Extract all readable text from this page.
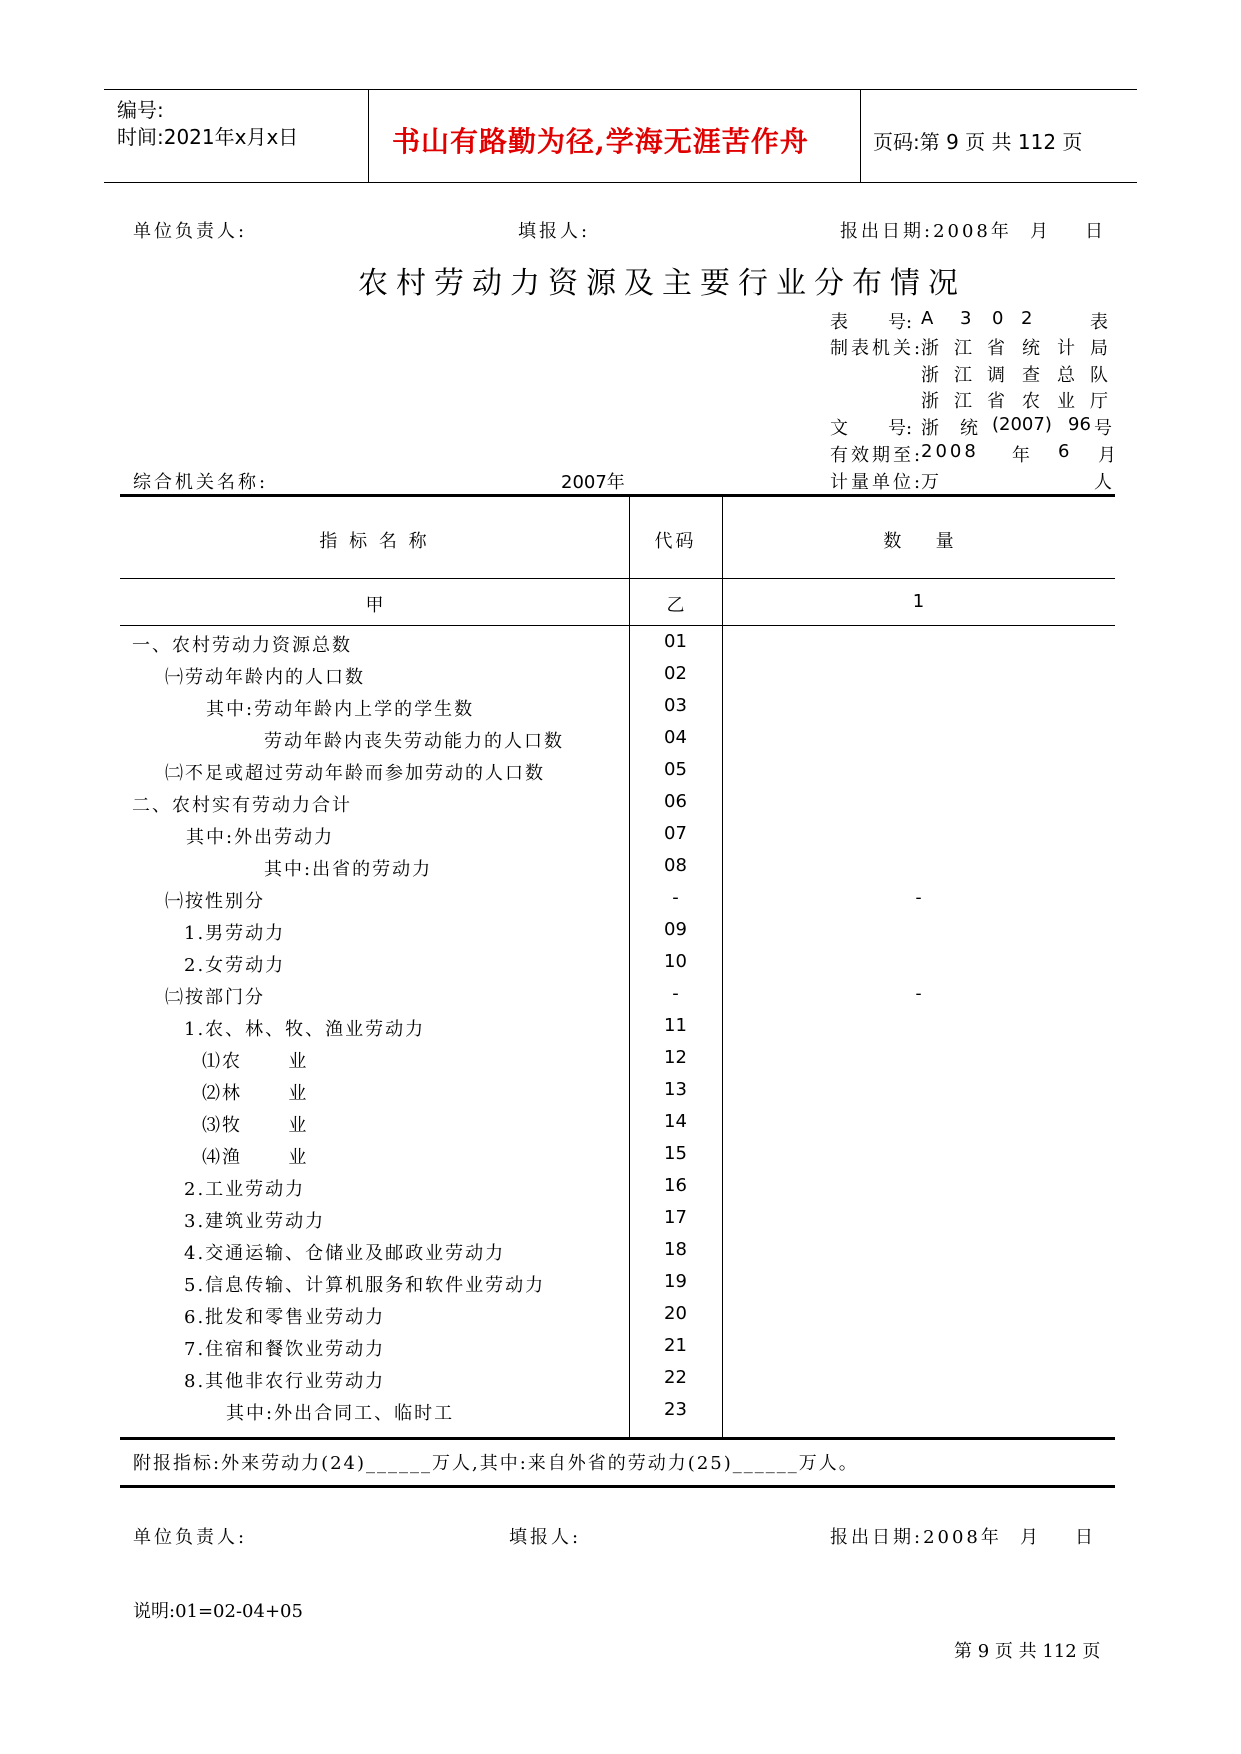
编号:
时间:2021年x月x日	书山有路勤为径,学海无涯苦作舟	页码:第 9 页 共 112 页
单位负责人:	填报人:	报出日期:2008年 月 日
农村劳动力资源及主要行业分布情况
表 号: A 3 0 2	表
制表机关:
浙 江 省 统 计 局
浙 江 调 查 总 队
浙 江 省 农 业 厅
文 号: 浙 统 (2007) 96 号
有效期至:
2008 年 6 月
综合机关名称:	2007年	计量单位:
万	人
指 标 名 称	代码	数      量
甲	乙	1
一、农村劳动力资源总数	01
㈠劳动年龄内的人口数	02
其中:劳动年龄内上学的学生数	03
劳动年龄内丧失劳动能力的人口数	04
㈡不足或超过劳动年龄而参加劳动的人口数	05
二、农村实有劳动力合计	06
其中:外出劳动力	07
其中:出省的劳动力	08
㈠按性别分	-	-
1.男劳动力	09
2.女劳动力	10
㈡按部门分	-	-
1.农、林、牧、渔业劳动力	11
⑴农      业	12
⑵林      业	13
⑶牧      业	14
⑷渔      业	15
2.工业劳动力	16
3.建筑业劳动力	17
4.交通运输、仓储业及邮政业劳动力	18
5.信息传输、计算机服务和软件业劳动力	19
6.批发和零售业劳动力	20
7.住宿和餐饮业劳动力	21
8.其他非农行业劳动力	22
其中:外出合同工、临时工	23
附报指标:外来劳动力(24)______万人,其中:来自外省的劳动力(25)______万人。
单位负责人:	填报人:	报出日期:2008年 月 日
说明:01=02-04+05
第 9 页 共 112 页
